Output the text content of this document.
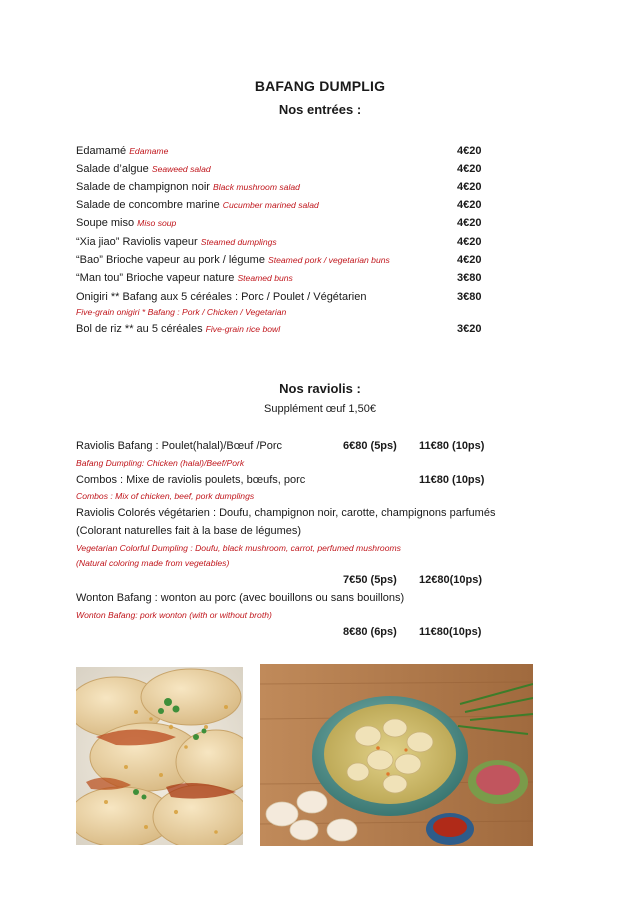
BAFANG DUMPLIG
Nos entrées :
Edamamé Edamame	4€20
Salade d’algue Seaweed salad	4€20
Salade de champignon noir Black mushroom salad	4€20
Salade de concombre marine Cucumber marined salad	4€20
Soupe miso Miso soup	4€20
“Xia jiao” Raviolis vapeur Steamed dumplings	4€20
“Bao” Brioche vapeur au pork / légume Steamed pork / vegetarian buns	4€20
“Man tou” Brioche vapeur nature Steamed buns	3€80
Onigiri ** Bafang aux 5 céréales : Porc / Poulet / Végétarien	3€80
Five-grain onigiri * Bafang : Pork / Chicken / Vegetarian
Bol de riz ** au 5 céréales Five-grain rice bowl	3€20
Nos raviolis :
Supplément œuf 1,50€
Raviolis Bafang : Poulet(halal)/Bœuf /Porc	6€80 (5ps) 11€80 (10ps)
Bafang Dumpling: Chicken (halal)/Beef/Pork
Combos : Mixe de raviolis poulets, bœufs, porc	11€80 (10ps)
Combos : Mix of chicken, beef, pork dumplings
Raviolis Colorés végétarien : Doufu, champignon noir, carotte, champignons parfumés
(Colorant naturelles fait à la base de légumes)
Vegetarian Colorful Dumpling : Doufu, black mushroom, carrot, perfumed mushrooms
(Natural coloring made from vegetables)
7€50 (5ps) 12€80(10ps)
Wonton Bafang : wonton au porc (avec bouillons ou sans bouillons)
Wonton Bafang: pork wonton (with or without broth)
8€80 (6ps) 11€80(10ps)
